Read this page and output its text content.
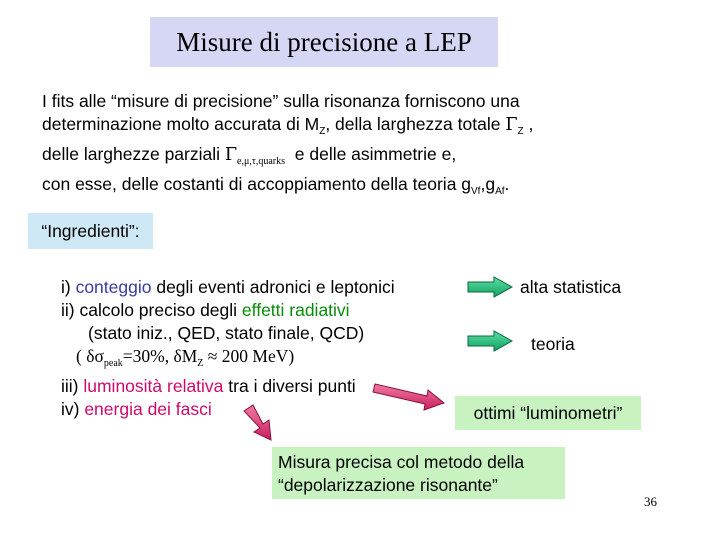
Misure di precisione a LEP
I fits alle “misure di precisione” sulla risonanza forniscono una
determinazione molto accurata di $M_Z$, della larghezza totale $\Gamma_Z$ ,
delle larghezze parziali $\Gamma_{e,\mu,\tau,quarks}$  e delle asimmetrie e,
con esse, delle costanti di accoppiamento della teoria $g_{Vf},g_{Af}$.
“Ingredienti”:
i) conteggio degli eventi adronici e leptonici
ii) calcolo preciso degli effetti radiativi
(stato iniz., QED, stato finale, QCD)
( $\delta\sigma_{peak}=30\%$, $\delta M_Z \approx 200$ MeV)
iii) luminosità relativa tra i diversi punti
iv) energia dei fasci
alta statistica
teoria
ottimi “luminometri”
Misura precisa col metodo della
“depolarizzazione risonante”
36
